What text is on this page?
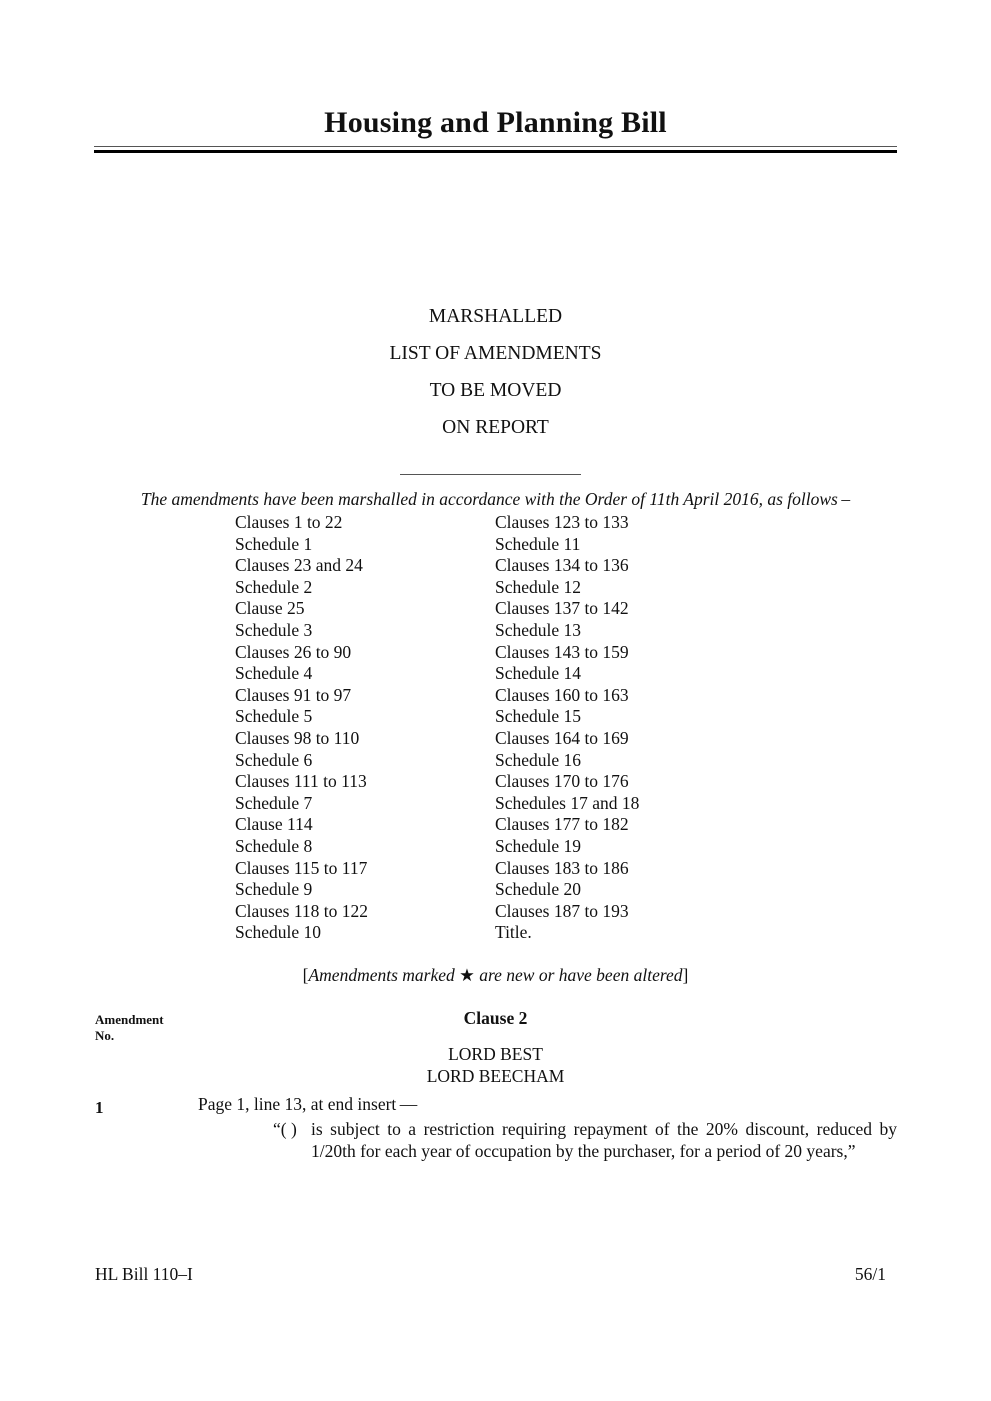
Housing and Planning Bill
MARSHALLED
LIST OF AMENDMENTS
TO BE MOVED
ON REPORT
The amendments have been marshalled in accordance with the Order of 11th April 2016, as follows –
Clauses 1 to 22
Schedule 1
Clauses 23 and 24
Schedule 2
Clause 25
Schedule 3
Clauses 26 to 90
Schedule 4
Clauses 91 to 97
Schedule 5
Clauses 98 to 110
Schedule 6
Clauses 111 to 113
Schedule 7
Clause 114
Schedule 8
Clauses 115 to 117
Schedule 9
Clauses 118 to 122
Schedule 10
Clauses 123 to 133
Schedule 11
Clauses 134 to 136
Schedule 12
Clauses 137 to 142
Schedule 13
Clauses 143 to 159
Schedule 14
Clauses 160 to 163
Schedule 15
Clauses 164 to 169
Schedule 16
Clauses 170 to 176
Schedules 17 and 18
Clauses 177 to 182
Schedule 19
Clauses 183 to 186
Schedule 20
Clauses 187 to 193
Title.
[Amendments marked ★ are new or have been altered]
Amendment
No.
Clause 2
LORD BEST
LORD BEECHAM
1	Page 1, line 13, at end insert —
“( ) is subject to a restriction requiring repayment of the 20% discount, reduced by 1/20th for each year of occupation by the purchaser, for a period of 20 years,”
HL Bill 110–I	56/1
